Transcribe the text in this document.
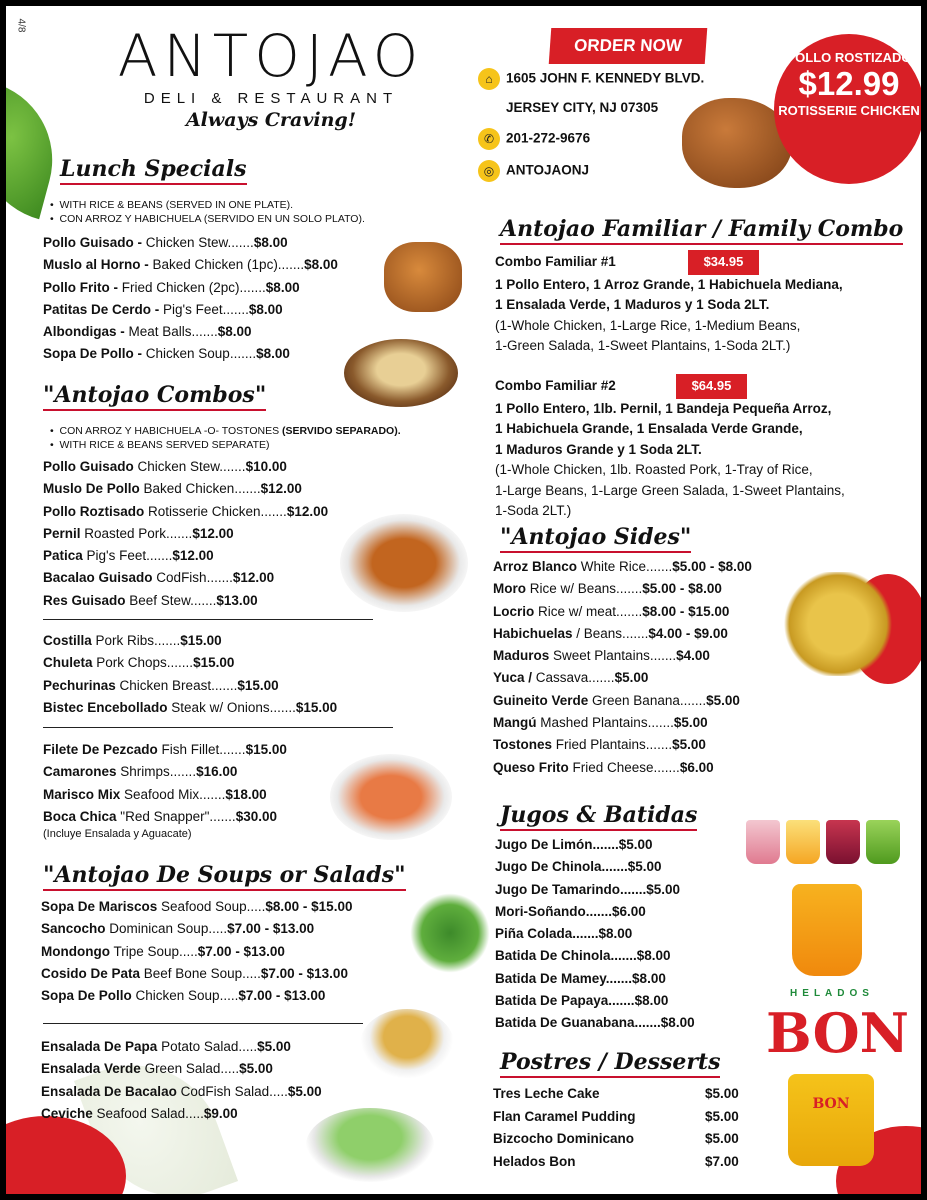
4/8 ANTOJAO
DELI & RESTAURANT
Always Craving!
Lunch Specials
•  WITH RICE & BEANS (SERVED IN ONE PLATE).
•  CON ARROZ Y HABICHUELA (SERVIDO EN UN SOLO PLATO).
Pollo Guisado - Chicken Stew.......$8.00
Muslo al Horno - Baked Chicken (1pc).......$8.00
Pollo Frito - Fried Chicken (2pc).......$8.00
Patitas De Cerdo - Pig's Feet.......$8.00
Albondigas - Meat Balls.......$8.00
Sopa De Pollo - Chicken Soup.......$8.00
"Antojao Combos"
•  CON ARROZ Y HABICHUELA -O- TOSTONES (SERVIDO SEPARADO).
•  WITH RICE & BEANS SERVED SEPARATE)
Pollo Guisado Chicken Stew.......$10.00
Muslo De Pollo Baked Chicken.......$12.00
Pollo Roztisado Rotisserie Chicken.......$12.00
Pernil Roasted Pork.......$12.00
Patica Pig's Feet.......$12.00
Bacalao Guisado CodFish.......$12.00
Res Guisado Beef Stew.......$13.00
Costilla Pork Ribs.......$15.00
Chuleta Pork Chops.......$15.00
Pechurinas Chicken Breast.......$15.00
Bistec Encebollado Steak w/ Onions.......$15.00
Filete De Pezcado Fish Fillet.......$15.00
Camarones Shrimps.......$16.00
Marisco Mix Seafood Mix.......$18.00
Boca Chica "Red Snapper".......$30.00
(Incluye Ensalada y Aguacate)
"Antojao De Soups or Salads"
Sopa De Mariscos Seafood Soup.....$8.00 - $15.00
Sancocho Dominican Soup.....$7.00 - $13.00
Mondongo Tripe Soup.....$7.00 - $13.00
Cosido De Pata Beef Bone Soup.....$7.00 - $13.00
Sopa De Pollo Chicken Soup.....$7.00 - $13.00
Ensalada De Papa Potato Salad.....$5.00
Ensalada Verde Green Salad.....$5.00
Ensalada De Bacalao CodFish Salad.....$5.00
Ceviche Seafood Salad.....$9.00
ORDER NOW
⌂ 1605 JOHN F. KENNEDY BLVD.
JERSEY CITY, NJ 07305
✆ 201-272-9676
◎ ANTOJAONJ
POLLO ROSTIZADO
$12.99
ROTISSERIE CHICKEN
Antojao Familiar / Family Combo
Combo Familiar #1	$34.95
1 Pollo Entero, 1 Arroz Grande, 1 Habichuela Mediana,
1 Ensalada Verde, 1 Maduros y 1 Soda 2LT.
(1-Whole Chicken, 1-Large Rice, 1-Medium Beans,
1-Green Salada, 1-Sweet Plantains, 1-Soda 2LT.)
Combo Familiar #2	$64.95
1 Pollo Entero, 1lb. Pernil, 1 Bandeja Pequeña Arroz,
1 Habichuela Grande, 1 Ensalada Verde Grande,
1 Maduros Grande y 1 Soda 2LT.
(1-Whole Chicken, 1lb. Roasted Pork, 1-Tray of Rice,
1-Large Beans, 1-Large Green Salada, 1-Sweet Plantains,
1-Soda 2LT.)
"Antojao Sides"
Arroz Blanco White Rice.......$5.00 - $8.00
Moro Rice w/ Beans.......$5.00 - $8.00
Locrio Rice w/ meat.......$8.00 - $15.00
Habichuelas / Beans.......$4.00 - $9.00
Maduros Sweet Plantains.......$4.00
Yuca / Cassava.......$5.00
Guineito Verde Green Banana.......$5.00
Mangú Mashed Plantains.......$5.00
Tostones Fried Plantains.......$5.00
Queso Frito Fried Cheese.......$6.00
Jugos & Batidas
Jugo De Limón.......$5.00
Jugo De Chinola.......$5.00
Jugo De Tamarindo.......$5.00
Mori-Soñando.......$6.00
Piña Colada.......$8.00
Batida De Chinola.......$8.00
Batida De Mamey.......$8.00
Batida De Papaya.......$8.00
Batida De Guanabana.......$8.00
Postres / Desserts
Tres Leche Cake	$5.00
Flan Caramel Pudding	$5.00
Bizcocho Dominicano	$5.00
Helados Bon	$7.00
HELADOS
BON
BON
